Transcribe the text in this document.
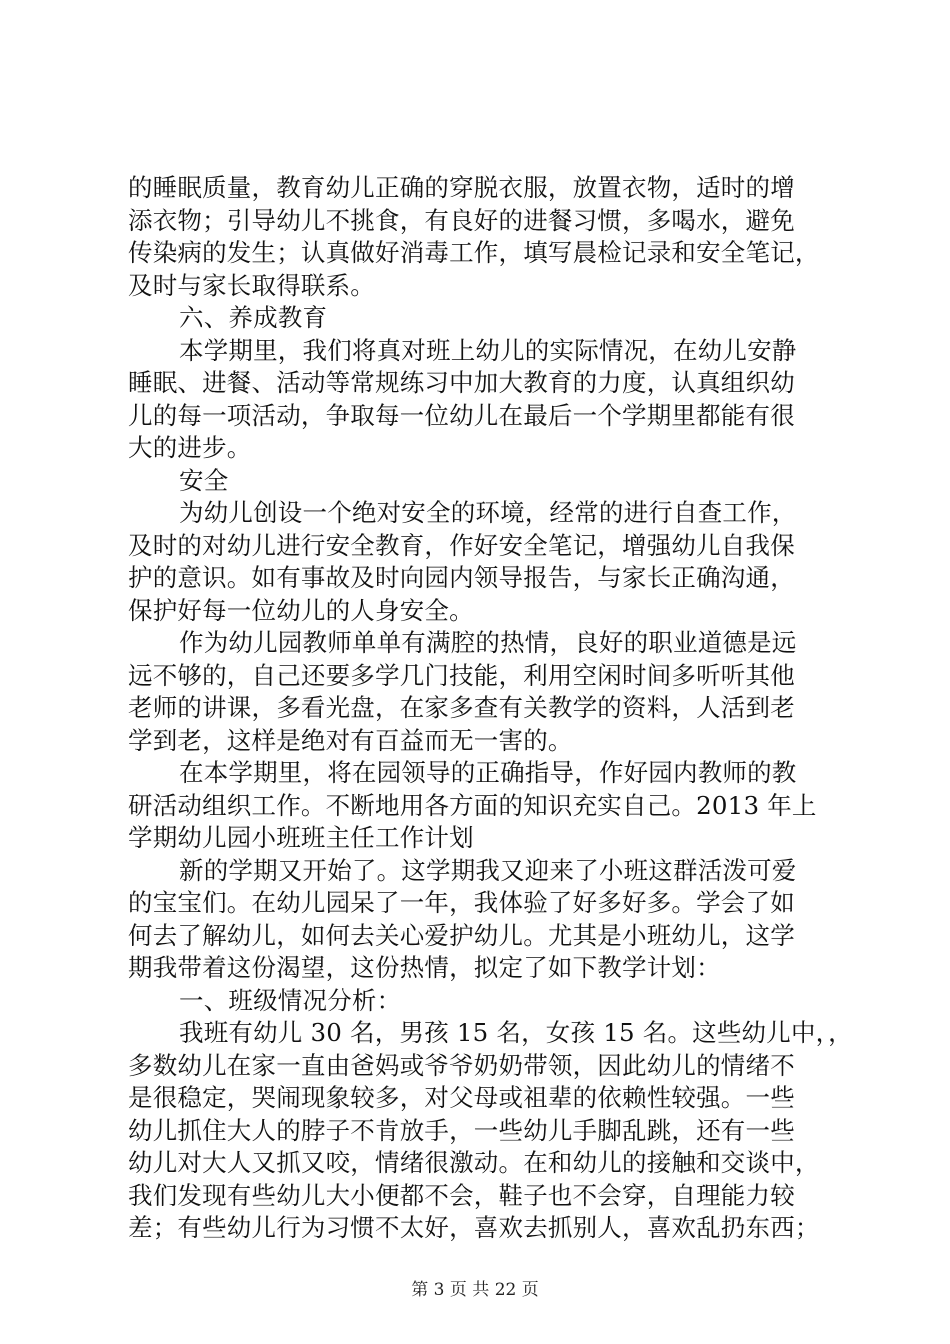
的睡眠质量，教育幼儿正确的穿脱衣服，放置衣物，适时的增
添衣物；引导幼儿不挑食，有良好的进餐习惯，多喝水，避免
传染病的发生；认真做好消毒工作，填写晨检记录和安全笔记，
及时与家长取得联系。
六、养成教育
本学期里，我们将真对班上幼儿的实际情况，在幼儿安静
睡眠、进餐、活动等常规练习中加大教育的力度，认真组织幼
儿的每一项活动，争取每一位幼儿在最后一个学期里都能有很
大的进步。
安全
为幼儿创设一个绝对安全的环境，经常的进行自查工作，
及时的对幼儿进行安全教育，作好安全笔记，增强幼儿自我保
护的意识。如有事故及时向园内领导报告，与家长正确沟通，
保护好每一位幼儿的人身安全。
作为幼儿园教师单单有满腔的热情，良好的职业道德是远
远不够的，自己还要多学几门技能，利用空闲时间多听听其他
老师的讲课，多看光盘，在家多查有关教学的资料，人活到老
学到老，这样是绝对有百益而无一害的。
在本学期里，将在园领导的正确指导，作好园内教师的教
研活动组织工作。不断地用各方面的知识充实自己。2013 年上
学期幼儿园小班班主任工作计划
新的学期又开始了。这学期我又迎来了小班这群活泼可爱
的宝宝们。在幼儿园呆了一年，我体验了好多好多。学会了如
何去了解幼儿，如何去关心爱护幼儿。尤其是小班幼儿，这学
期我带着这份渴望，这份热情，拟定了如下教学计划：
一、班级情况分析：
我班有幼儿 30 名，男孩 15 名，女孩 15 名。这些幼儿中，，
多数幼儿在家一直由爸妈或爷爷奶奶带领，因此幼儿的情绪不
是很稳定，哭闹现象较多，对父母或祖辈的依赖性较强。一些
幼儿抓住大人的脖子不肯放手，一些幼儿手脚乱跳，还有一些
幼儿对大人又抓又咬，情绪很激动。在和幼儿的接触和交谈中，
我们发现有些幼儿大小便都不会，鞋子也不会穿，自理能力较
差；有些幼儿行为习惯不太好，喜欢去抓别人，喜欢乱扔东西；
第 3 页 共 22 页
